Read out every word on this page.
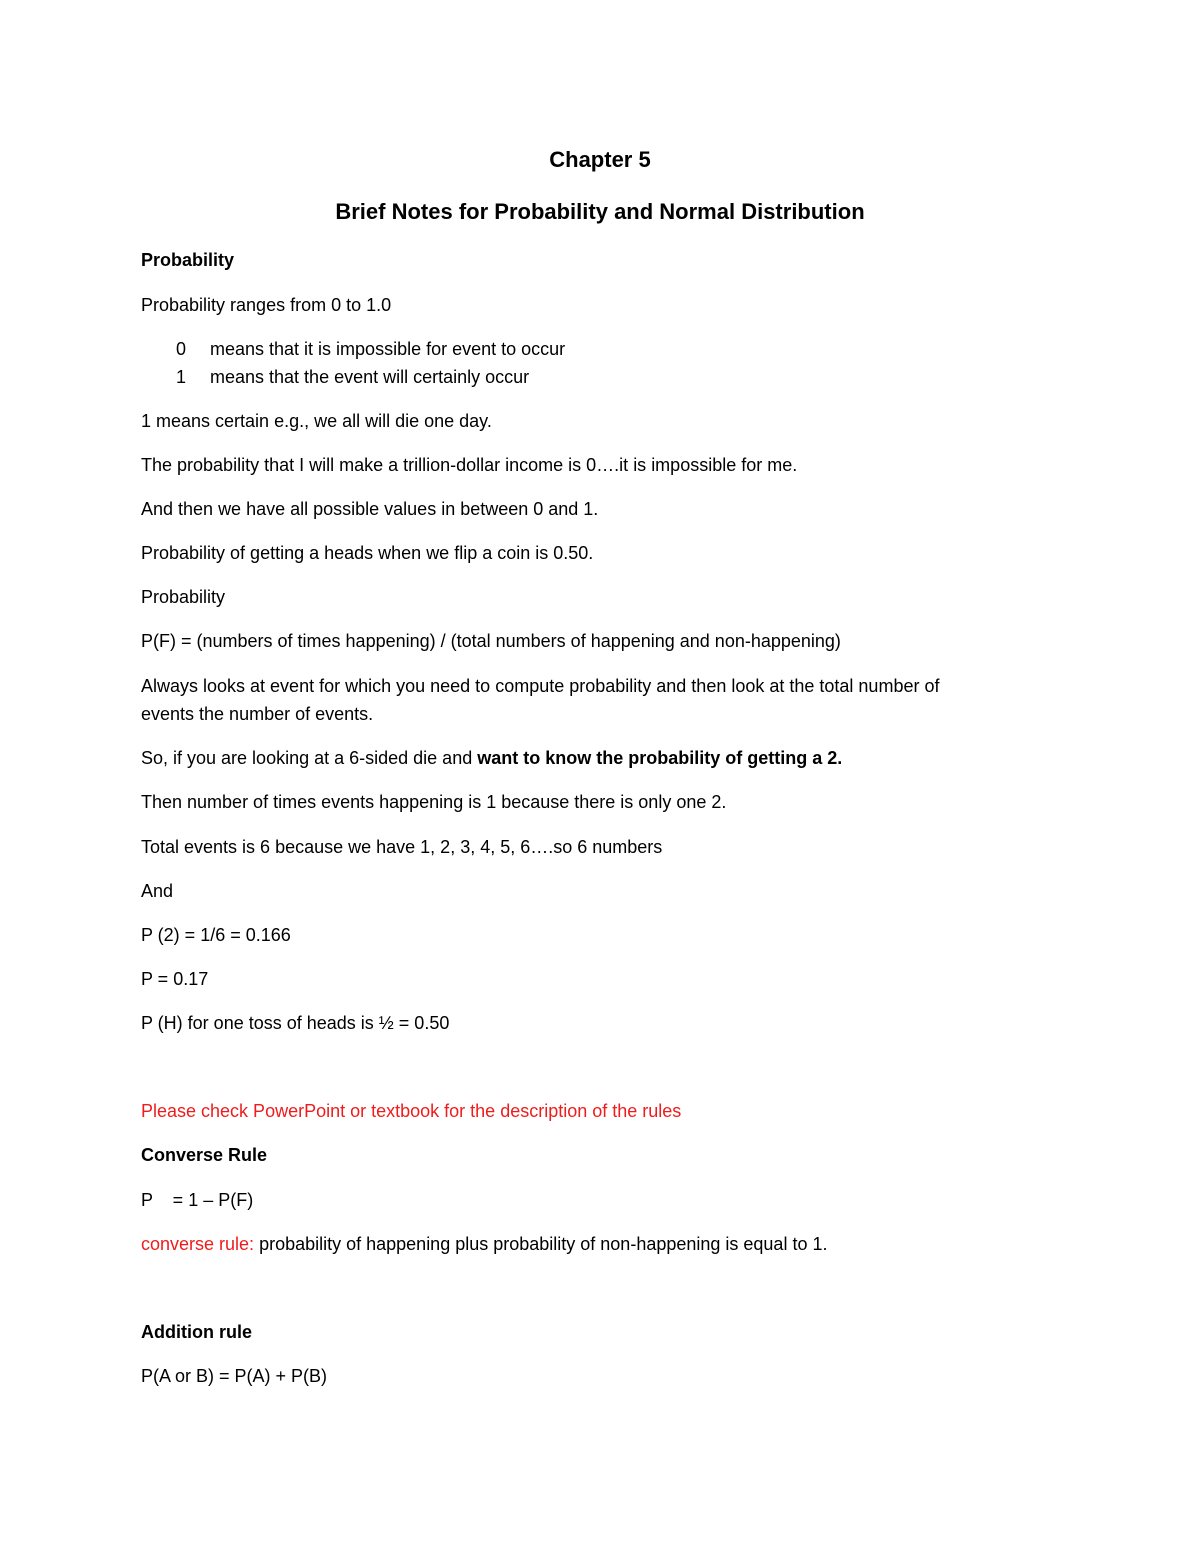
Chapter 5
Brief Notes for Probability and Normal Distribution
Probability
Probability ranges from 0 to 1.0
0 means that it is impossible for event to occur
1 means that the event will certainly occur
1 means certain e.g., we all will die one day.
The probability that I will make a trillion-dollar income is 0….it is impossible for me.
And then we have all possible values in between 0 and 1.
Probability of getting a heads when we flip a coin is 0.50.
Probability
P(F) = (numbers of times happening) / (total numbers of happening and non-happening)
Always looks at event for which you need to compute probability and then look at the total number of
events the number of events.
So, if you are looking at a 6-sided die and want to know the probability of getting a 2.
Then number of times events happening is 1 because there is only one 2.
Total events is 6 because we have 1, 2, 3, 4, 5, 6….so 6 numbers
And
P (2) = 1/6 = 0.166
P = 0.17
P (H) for one toss of heads is ½ = 0.50
Please check PowerPoint or textbook for the description of the rules
Converse Rule
P    = 1 – P(F)
converse rule: probability of happening plus probability of non-happening is equal to 1.
Addition rule
P(A or B) = P(A) + P(B)
